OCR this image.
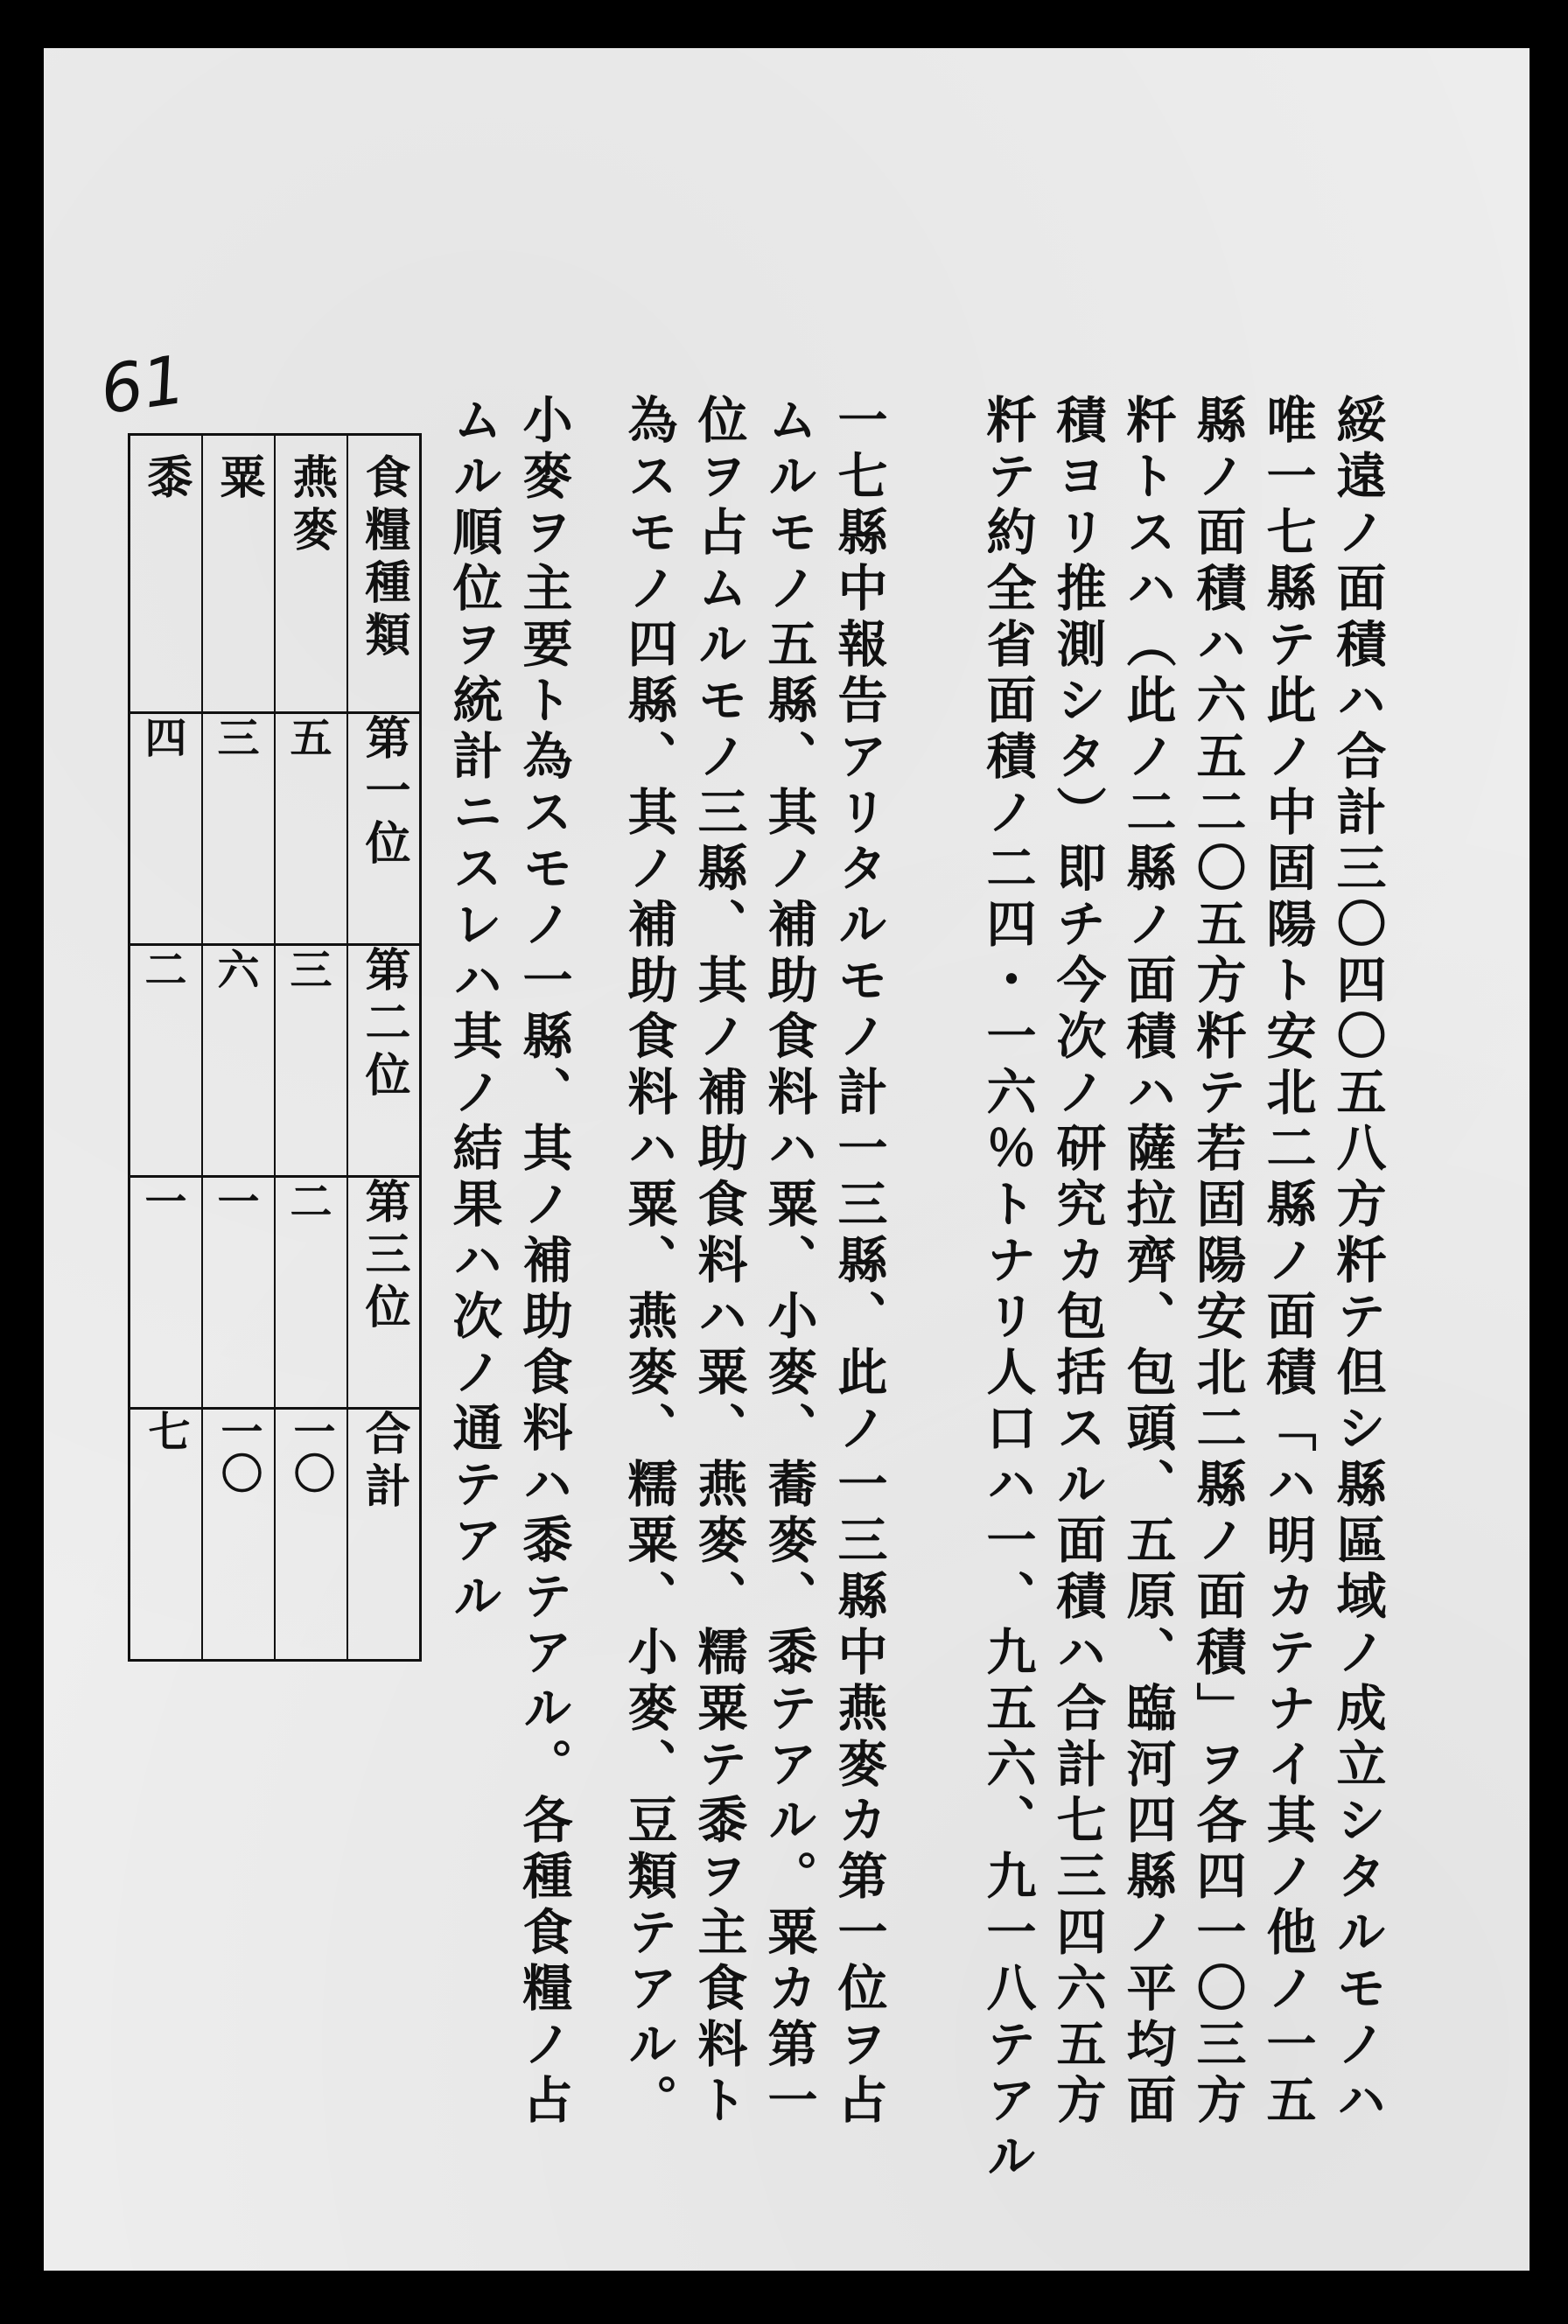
61
綏遠ノ面積ハ合計三〇四〇五八方粁テ但シ縣區域ノ成立シタルモノハ
唯一七縣テ此ノ中固陽ト安北二縣ノ面積「ハ明カテナイ其ノ他ノ一五
縣ノ面積ハ六五二〇五方粁テ若固陽安北二縣ノ面積」ヲ各四一〇三方
粁トスハ（此ノ二縣ノ面積ハ薩拉齊、包頭、五原、臨河四縣ノ平均面
積ヨリ推測シタ）即チ今次ノ研究カ包括スル面積ハ合計七三四六五方
粁テ約全省面積ノ二四・一六％トナリ人口ハ一、九五六、九一八テアル
一七縣中報告アリタルモノ計一三縣、此ノ一三縣中燕麥カ第一位ヲ占
ムルモノ五縣、其ノ補助食料ハ粟、小麥、蕎麥、黍テアル。粟カ第一
位ヲ占ムルモノ三縣、其ノ補助食料ハ粟、燕麥、糯粟テ黍ヲ主食料ト
為スモノ四縣、其ノ補助食料ハ粟、燕麥、糯粟、小麥、豆類テアル。
小麥ヲ主要ト為スモノ一縣、其ノ補助食料ハ黍テアル。各種食糧ノ占
ムル順位ヲ統計ニスレハ其ノ結果ハ次ノ通テアル
黍	粟	燕麥	食糧種類

四	三	五	第一位

二	六	三	第二位

一	一	二	第三位
七	一〇	一〇	合計
